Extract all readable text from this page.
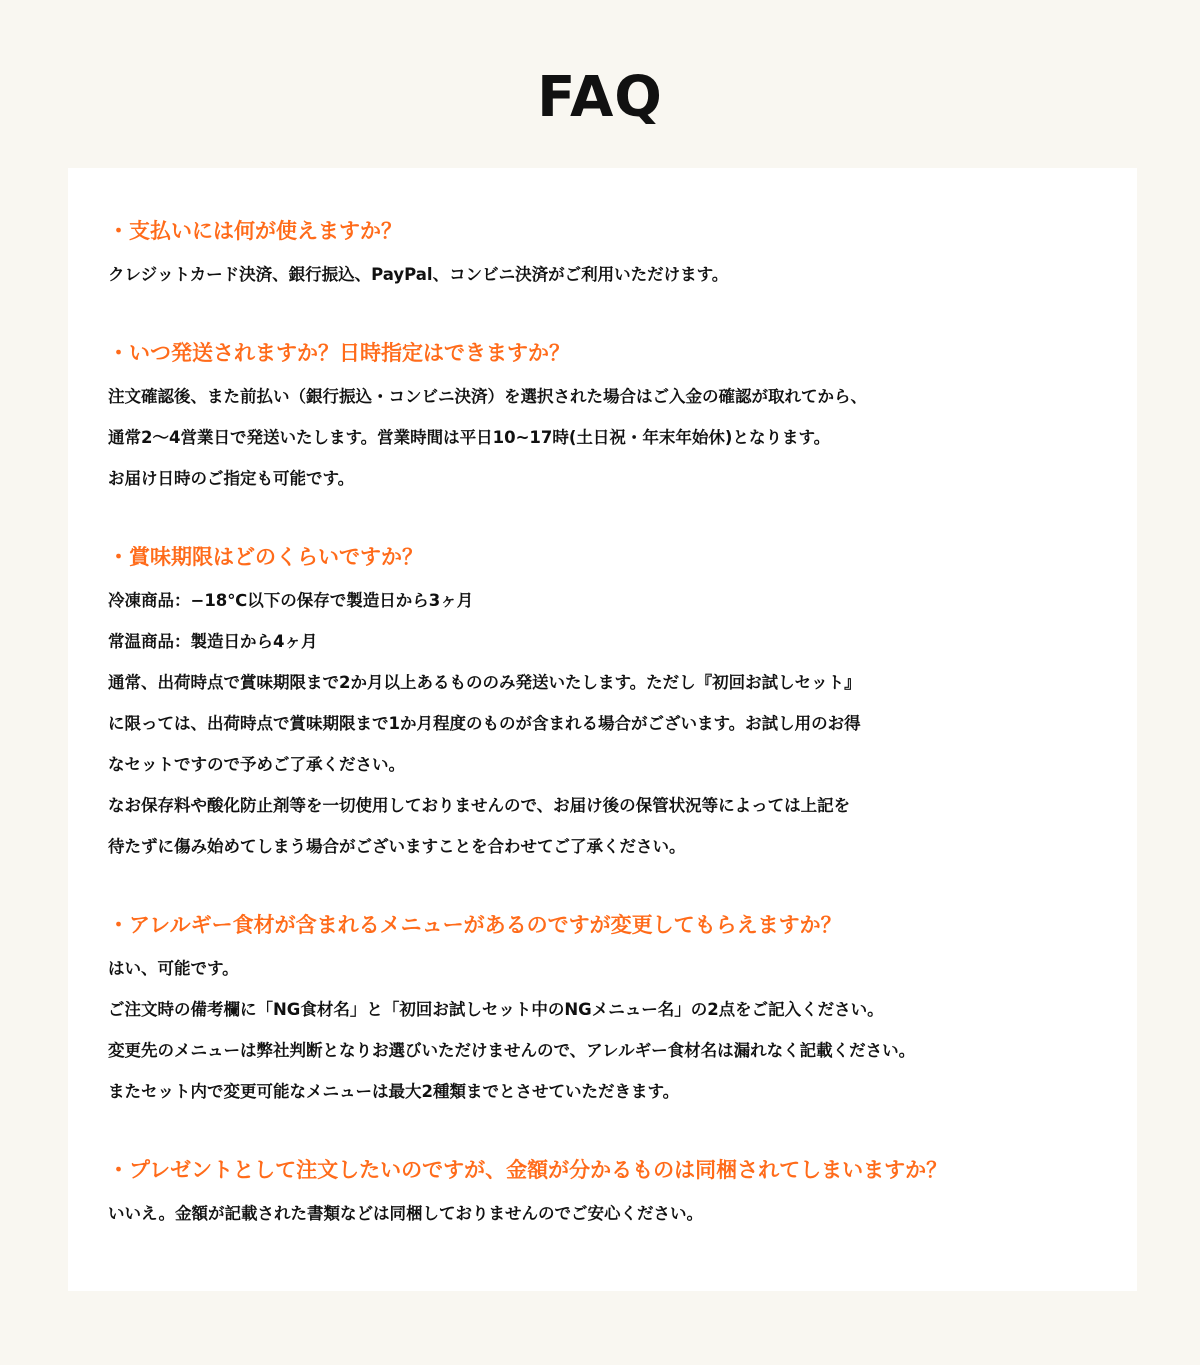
FAQ

・支払いには何が使えますか？

クレジットカード決済、銀行振込、PayPal、コンビニ決済がご利用いただけます。

・いつ発送されますか？日時指定はできますか？

注文確認後、また前払い（銀行振込・コンビニ決済）を選択された場合はご入金の確認が取れてから、

通常2〜4営業日で発送いたします。営業時間は平日10~17時(土日祝・年末年始休)となります。

お届け日時のご指定も可能です。

・賞味期限はどのくらいですか？

冷凍商品：−18℃以下の保存で製造日から3ヶ月

常温商品：製造日から4ヶ月

通常、出荷時点で賞味期限まで2か月以上あるもののみ発送いたします。ただし『初回お試しセット』

に限っては、出荷時点で賞味期限まで1か月程度のものが含まれる場合がございます。お試し用のお得

なセットですので予めご了承ください。

なお保存料や酸化防止剤等を一切使用しておりませんので、お届け後の保管状況等によっては上記を

待たずに傷み始めてしまう場合がございますことを合わせてご了承ください。

・アレルギー食材が含まれるメニューがあるのですが変更してもらえますか？

はい、可能です。

ご注文時の備考欄に「NG食材名」と「初回お試しセット中のNGメニュー名」の2点をご記入ください。

変更先のメニューは弊社判断となりお選びいただけませんので、アレルギー食材名は漏れなく記載ください。

またセット内で変更可能なメニューは最大2種類までとさせていただきます。

・プレゼントとして注文したいのですが、金額が分かるものは同梱されてしまいますか？

いいえ。金額が記載された書類などは同梱しておりませんのでご安心ください。
